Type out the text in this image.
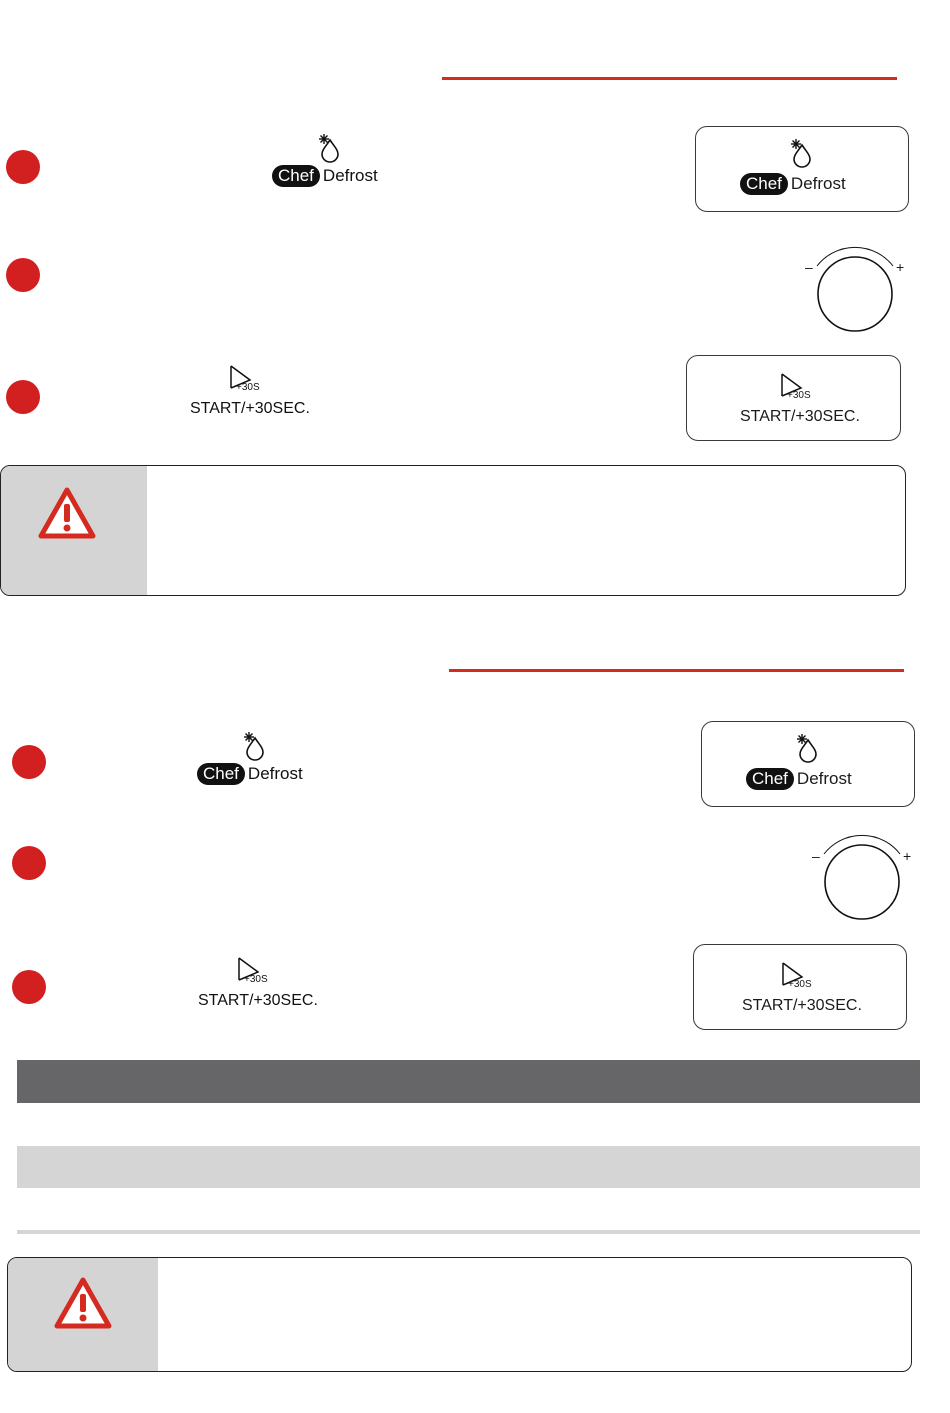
Chef Defrost	Chef Defrost
–	+
+30S
START/+30SEC.
+30S
START/+30SEC.
Chef Defrost	Chef Defrost
–	+
+30S
START/+30SEC.
+30S
START/+30SEC.
